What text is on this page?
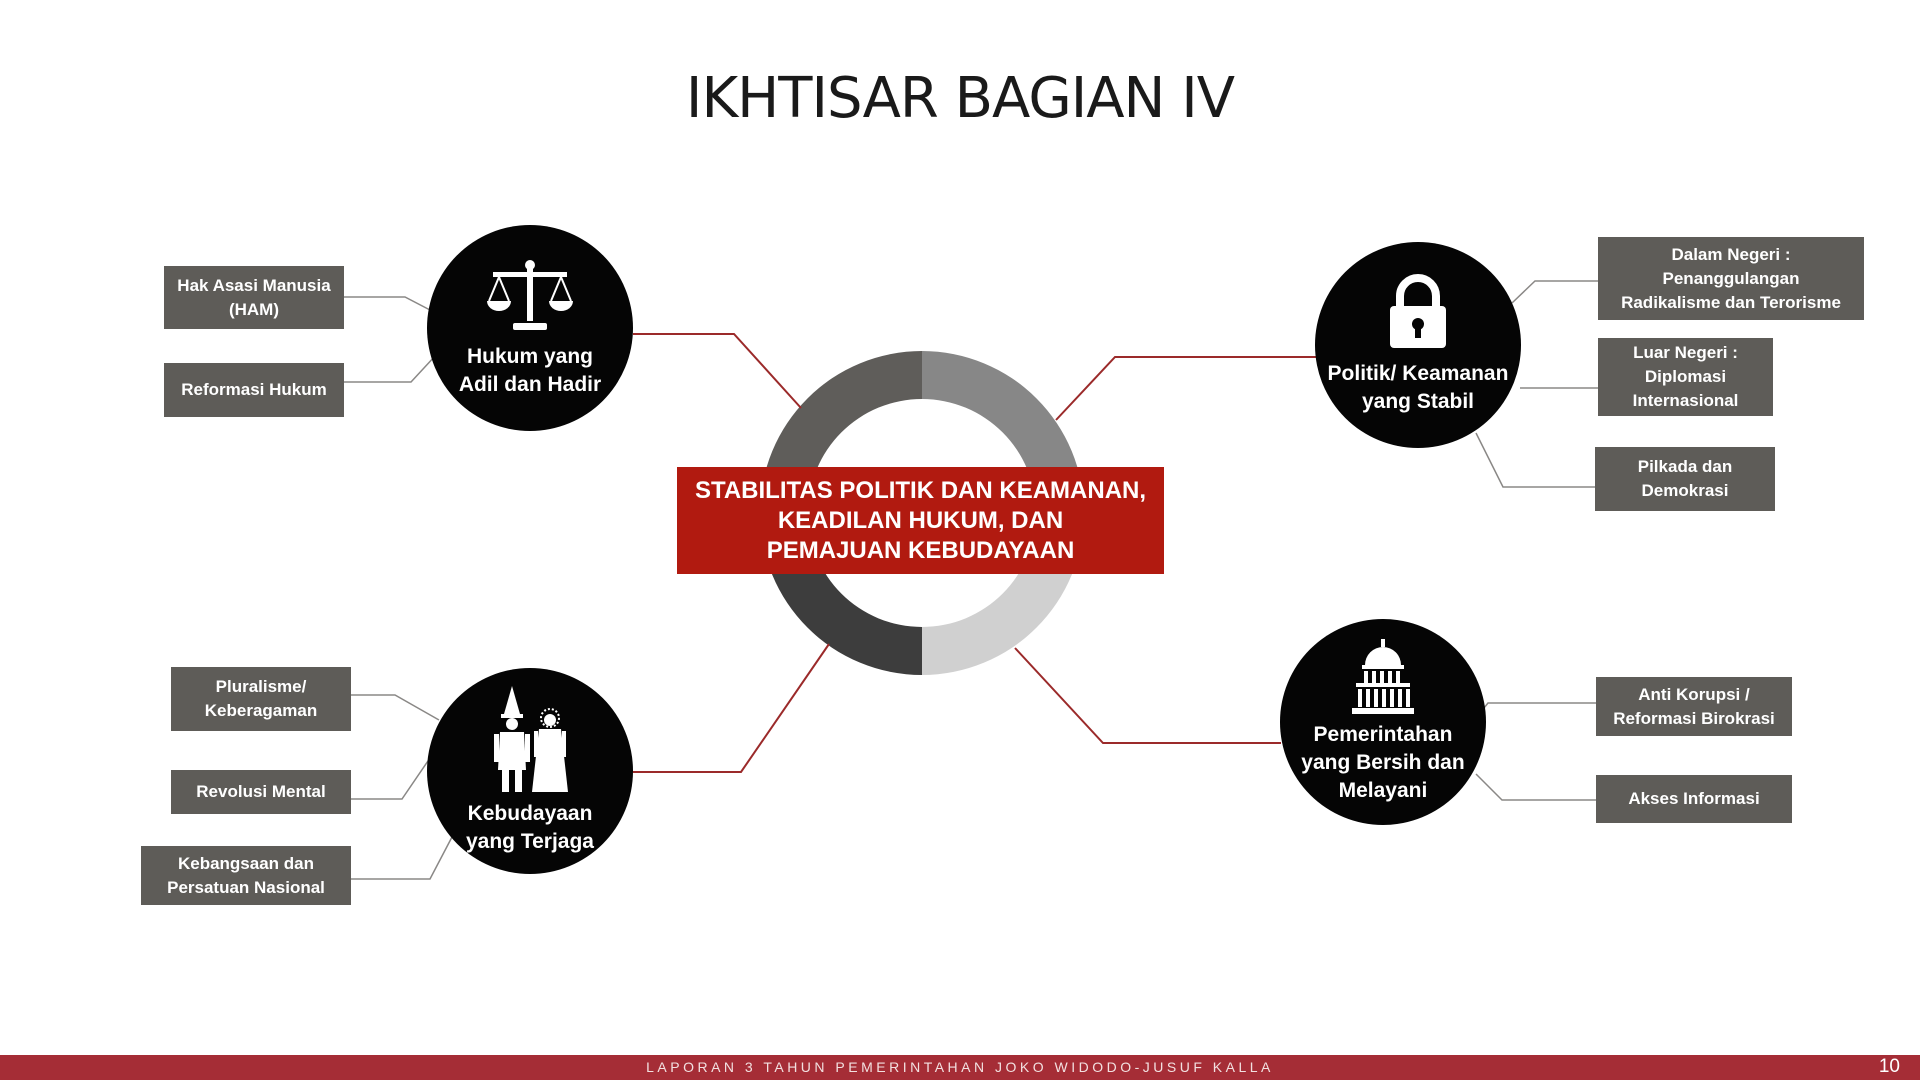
IKHTISAR BAGIAN IV
STABILITAS POLITIK DAN KEAMANAN,
KEADILAN HUKUM, DAN
PEMAJUAN KEBUDAYAAN
Hukum yang
Adil dan Hadir	Politik/ Keamanan
yang Stabil
Kebudayaan
yang Terjaga
Pemerintahan
yang Bersih dan
Melayani
Hak Asasi Manusia
(HAM)
Reformasi Hukum
Dalam Negeri :
Penanggulangan
Radikalisme dan Terorisme
Luar Negeri :
Diplomasi
Internasional
Pilkada dan
Demokrasi
Pluralisme/
Keberagaman
Revolusi Mental
Kebangsaan dan
Persatuan Nasional
Anti Korupsi /
Reformasi Birokrasi
Akses Informasi
LAPORAN 3 TAHUN PEMERINTAHAN JOKO WIDODO-JUSUF KALLA	10
